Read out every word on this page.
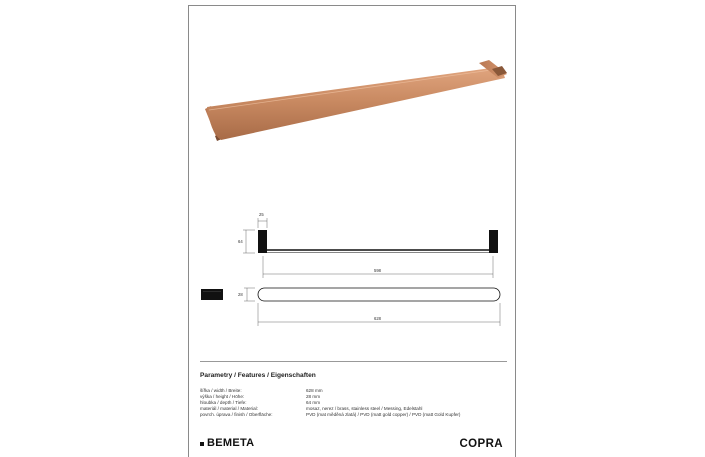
25
64
598
28
628
Parametry / Features / Eigenschaften
šířka / width / Breite:	628 mm
výška / height / Höhe:	28 mm
hloubka / depth / Tiefe:	64 mm
materiál / material / Material:	mosaz, nerez / brass, stainless steel / Messing, Edelstahl
povrch. úprava / finish / Oberfläche:	PVD (mat měděná zlatá) / PVD (matt gold copper) / PVD (matt Gold Kupfer)
BEMETA	COPRA
